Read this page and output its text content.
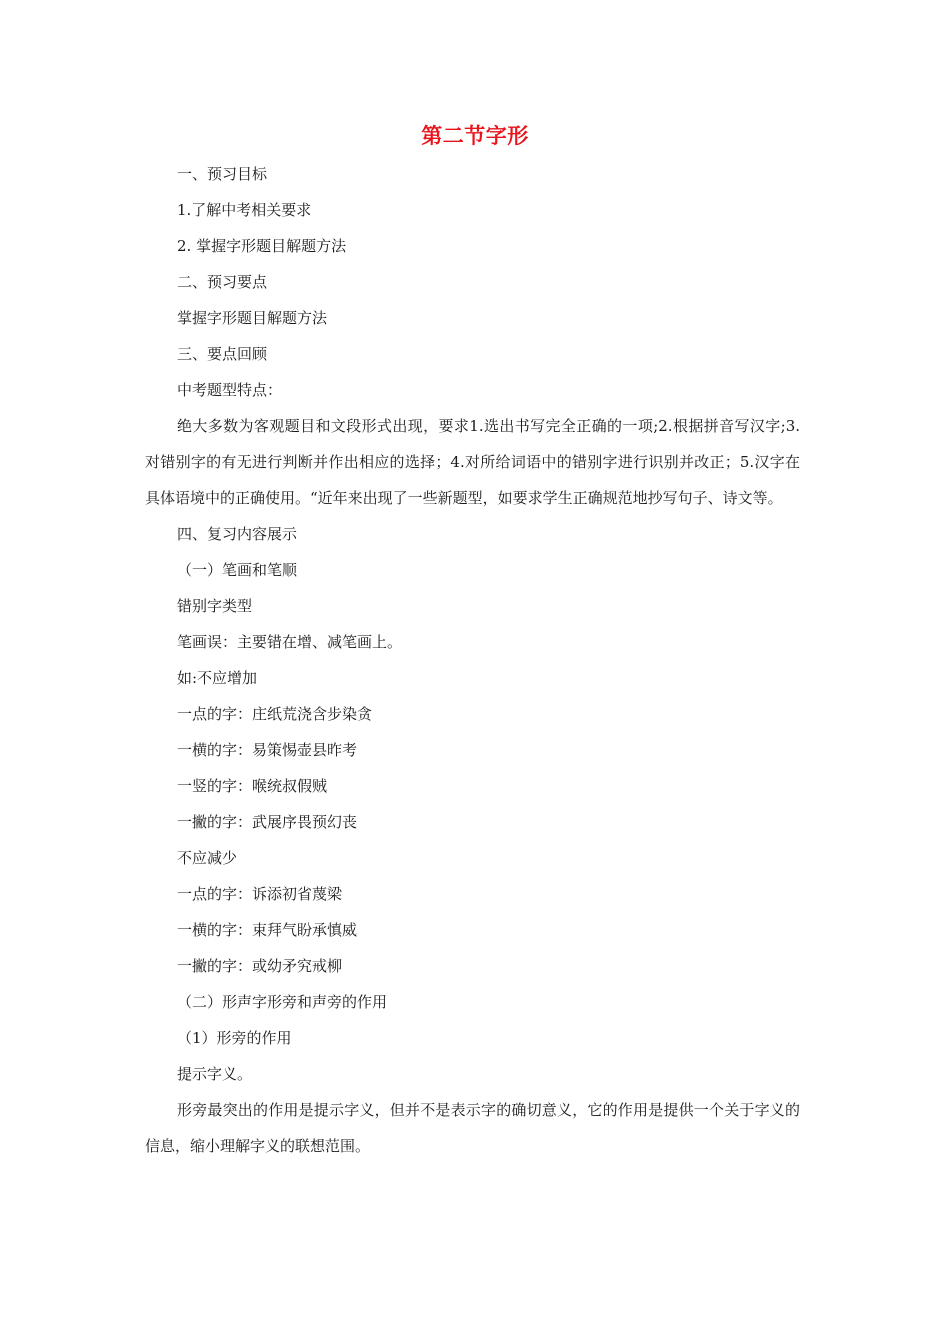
第二节字形
一、预习目标
1.了解中考相关要求
2. 掌握字形题目解题方法
二、预习要点
掌握字形题目解题方法
三、要点回顾
中考题型特点：
绝大多数为客观题目和文段形式出现，要求1.选出书写完全正确的一项;2.根据拼音写汉字;3.对错别字的有无进行判断并作出相应的选择；4.对所给词语中的错别字进行识别并改正；5.汉字在具体语境中的正确使用。“近年来出现了一些新题型，如要求学生正确规范地抄写句子、诗文等。
四、复习内容展示
（一）笔画和笔顺
错别字类型
笔画误：主要错在增、减笔画上。
如:不应增加
一点的字：庄纸荒浇含步染贪
一横的字：易策惕壶县昨考
一竖的字：喉统叔假贼
一撇的字：武展序畏预幻丧
不应减少
一点的字：诉添初省蔑梁
一横的字：束拜气盼承慎威
一撇的字：或幼矛究戒柳
（二）形声字形旁和声旁的作用
（1）形旁的作用
提示字义。
形旁最突出的作用是提示字义，但并不是表示字的确切意义，它的作用是提供一个关于字义的信息，缩小理解字义的联想范围。
